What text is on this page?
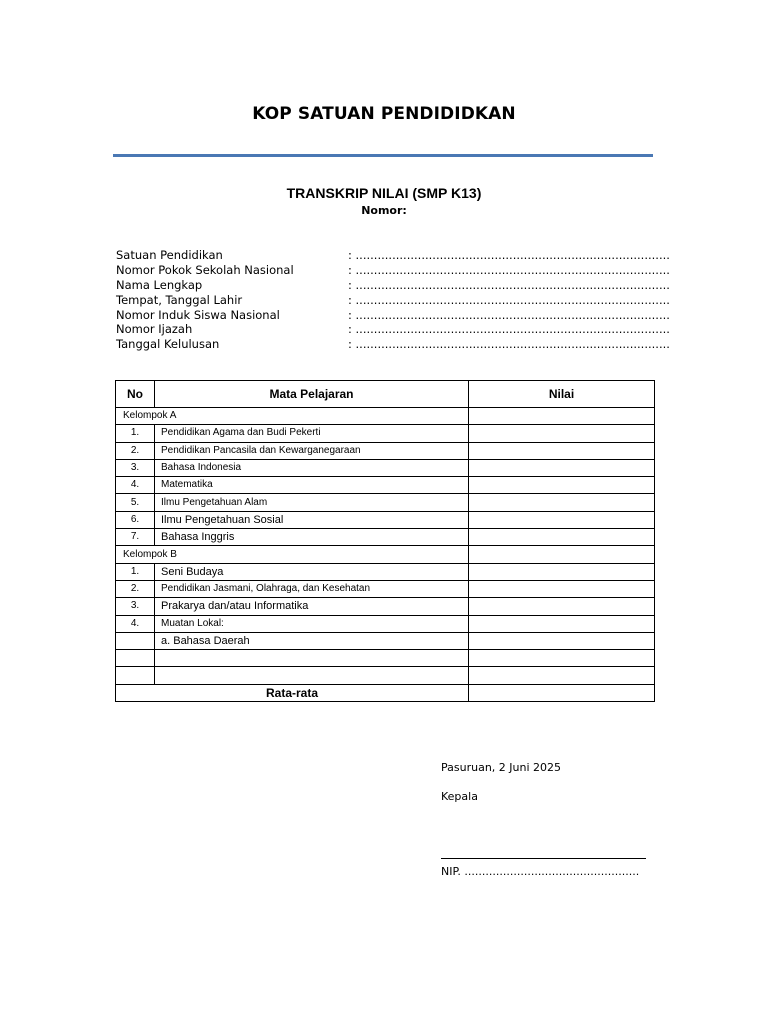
KOP SATUAN PENDIDIDKAN
TRANSKRIP NILAI (SMP K13)
Nomor:
Satuan Pendidikan	: ......................................................................................
Nomor Pokok Sekolah Nasional	: ......................................................................................
Nama Lengkap	: ......................................................................................
Tempat, Tanggal Lahir	: ......................................................................................
Nomor Induk Siswa Nasional	: ......................................................................................
Nomor Ijazah	: ......................................................................................
Tanggal Kelulusan	: ......................................................................................
No	Mata Pelajaran	Nilai
Kelompok A		
1.	Pendidikan Agama dan Budi Pekerti	
2.	Pendidikan Pancasila dan Kewarganegaraan	
3.	Bahasa Indonesia	
4.	Matematika	
5.	Ilmu Pengetahuan Alam	
6.	Ilmu Pengetahuan Sosial	
7.	Bahasa Inggris	
Kelompok B		
1.	Seni Budaya	
2.	Pendidikan Jasmani, Olahraga, dan Kesehatan	
3.	Prakarya dan/atau Informatika	
4.	Muatan Lokal:	
	a. Bahasa Daerah	

Rata-rata		
Pasuruan, 2 Juni 2025
Kepala
NIP. ..................................................
